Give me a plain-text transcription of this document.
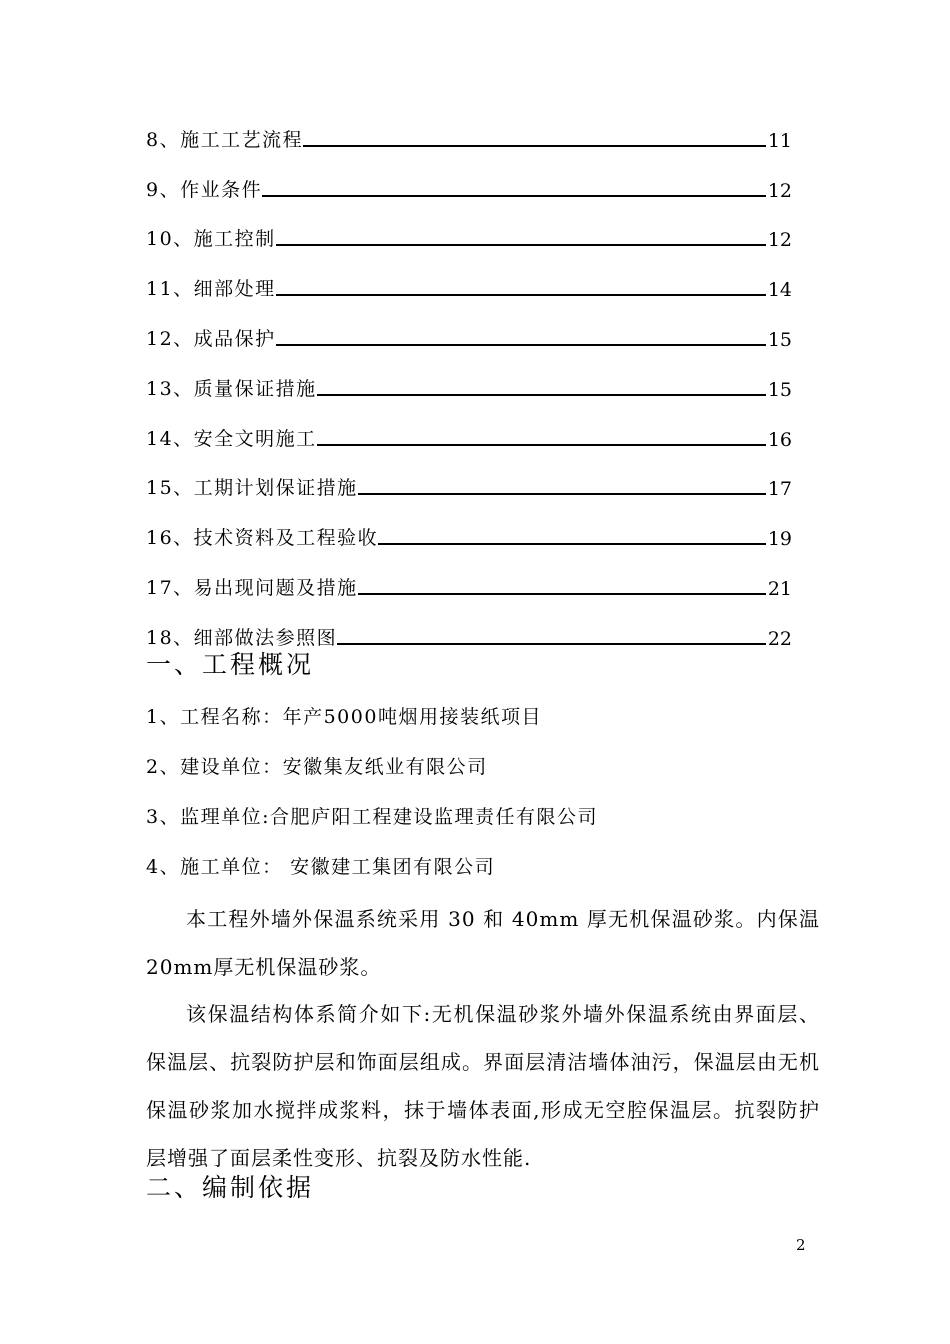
8、施工工艺流程	11
9、作业条件	12
10、施工控制	12
11、细部处理	14
12、成品保护	15
13、质量保证措施	15
14、安全文明施工	16
15、工期计划保证措施	17
16、技术资料及工程验收	19
17、易出现问题及措施	21
18、细部做法参照图	22
一、工程概况
1、工程名称：年产5000吨烟用接装纸项目
2、建设单位：安徽集友纸业有限公司
3、监理单位:合肥庐阳工程建设监理责任有限公司
4、施工单位： 安徽建工集团有限公司

本工程外墙外保温系统采用 30 和 40mm 厚无机保温砂浆。内保温20mm厚无机保温砂浆。

该保温结构体系简介如下:无机保温砂浆外墙外保温系统由界面层、保温层、抗裂防护层和饰面层组成。界面层清洁墙体油污，保温层由无机保温砂浆加水搅拌成浆料，抹于墙体表面,形成无空腔保温层。抗裂防护层增强了面层柔性变形、抗裂及防水性能.

二、编制依据
2
